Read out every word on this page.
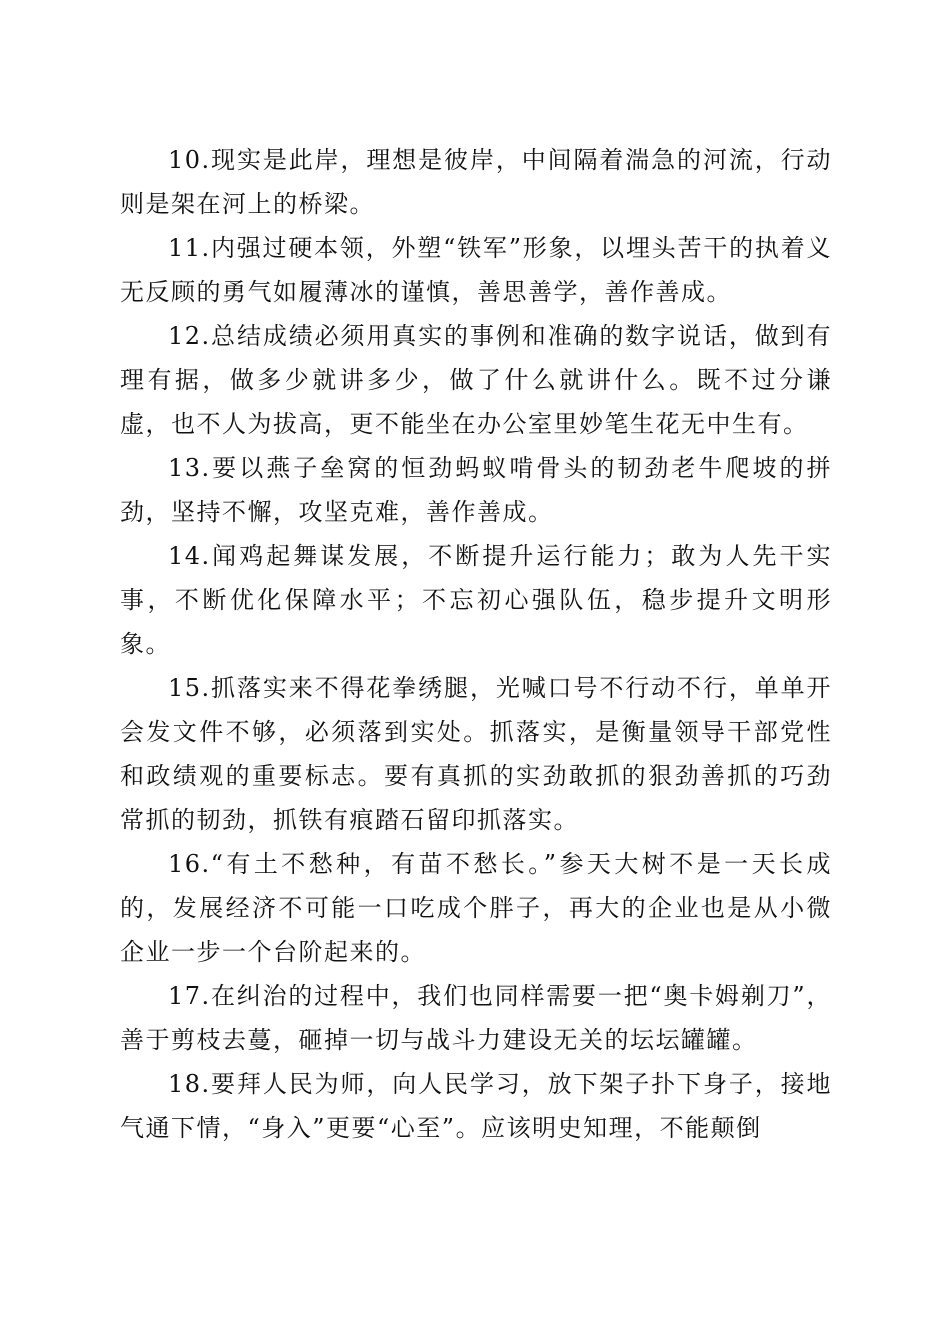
10.现实是此岸，理想是彼岸，中间隔着湍急的河流，行动则是架在河上的桥梁。

11.内强过硬本领，外塑“铁军”形象，以埋头苦干的执着义无反顾的勇气如履薄冰的谨慎，善思善学，善作善成。

12.总结成绩必须用真实的事例和准确的数字说话，做到有理有据，做多少就讲多少，做了什么就讲什么。既不过分谦虚，也不人为拔高，更不能坐在办公室里妙笔生花无中生有。

13.要以燕子垒窝的恒劲蚂蚁啃骨头的韧劲老牛爬坡的拼劲，坚持不懈，攻坚克难，善作善成。

14.闻鸡起舞谋发展，不断提升运行能力；敢为人先干实事，不断优化保障水平；不忘初心强队伍，稳步提升文明形象。

15.抓落实来不得花拳绣腿，光喊口号不行动不行，单单开会发文件不够，必须落到实处。抓落实，是衡量领导干部党性和政绩观的重要标志。要有真抓的实劲敢抓的狠劲善抓的巧劲常抓的韧劲，抓铁有痕踏石留印抓落实。

16.“有土不愁种，有苗不愁长。”参天大树不是一天长成的，发展经济不可能一口吃成个胖子，再大的企业也是从小微企业一步一个台阶起来的。

17.在纠治的过程中，我们也同样需要一把“奥卡姆剃刀”，善于剪枝去蔓，砸掉一切与战斗力建设无关的坛坛罐罐。

18.要拜人民为师，向人民学习，放下架子扑下身子，接地气通下情，“身入”更要“心至”。应该明史知理，不能颠倒
